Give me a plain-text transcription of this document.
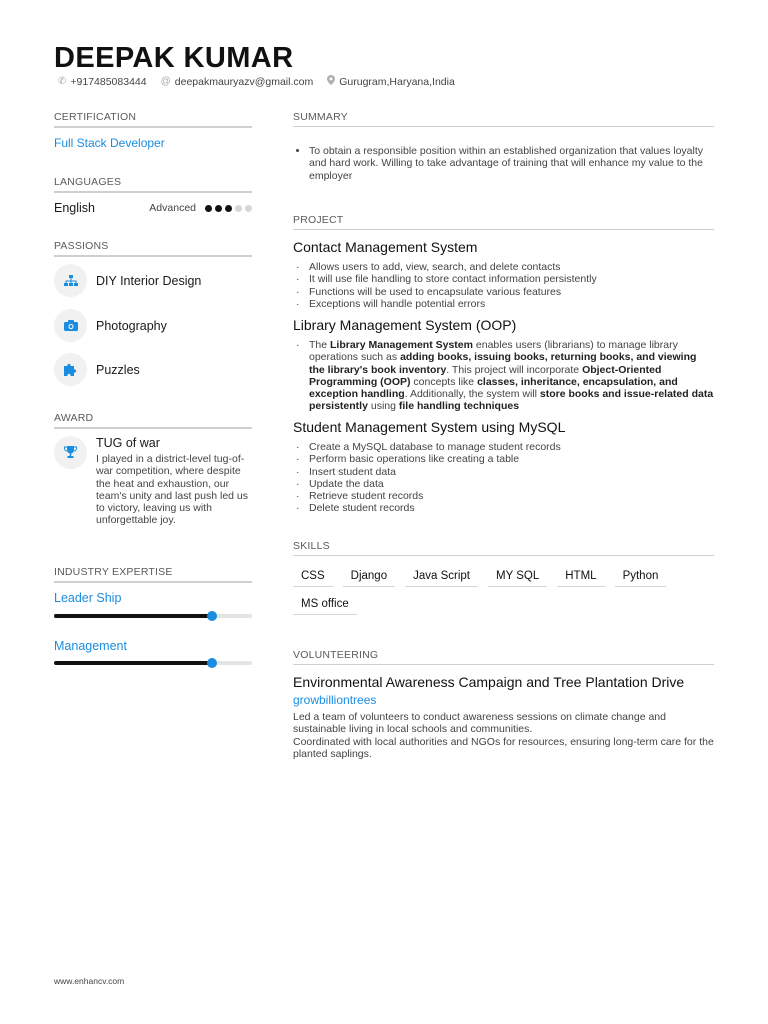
DEEPAK KUMAR
✆ +917485083444 @ deepakmauryazv@gmail.com Gurugram,Haryana,India
CERTIFICATION
Full Stack Developer
LANGUAGES
English	Advanced
PASSIONS
DIY Interior Design
Photography
Puzzles
AWARD
TUG of war
I played in a district-level tug-of-war competition, where despite the heat and exhaustion, our team's unity and last push led us to victory, leaving us with unforgettable joy.
INDUSTRY EXPERTISE
Leader Ship
Management
SUMMARY
• To obtain a responsible position within an established organization that values loyalty and hard work. Willing to take advantage of training that will enhance my value to the employer
PROJECT
Contact Management System
· Allows users to add, view, search, and delete contacts
· It will use file handling to store contact information persistently
· Functions will be used to encapsulate various features
· Exceptions will handle potential errors
Library Management System (OOP)
· The Library Management System enables users (librarians) to manage library operations such as adding books, issuing books, returning books, and viewing the library's book inventory. This project will incorporate Object-Oriented Programming (OOP) concepts like classes, inheritance, encapsulation, and exception handling. Additionally, the system will store books and issue-related data persistently using file handling techniques
Student Management System using MySQL
· Create a MySQL database to manage student records
· Perform basic operations like creating a table
· Insert student data
· Update the data
· Retrieve student records
· Delete student records
SKILLS
CSS	Django	Java Script	MY SQL	HTML	Python
MS office
VOLUNTEERING
Environmental Awareness Campaign and Tree Plantation Drive
growbilliontrees
Led a team of volunteers to conduct awareness sessions on climate change and sustainable living in local schools and communities.
Coordinated with local authorities and NGOs for resources, ensuring long-term care for the planted saplings.
www.enhancv.com
